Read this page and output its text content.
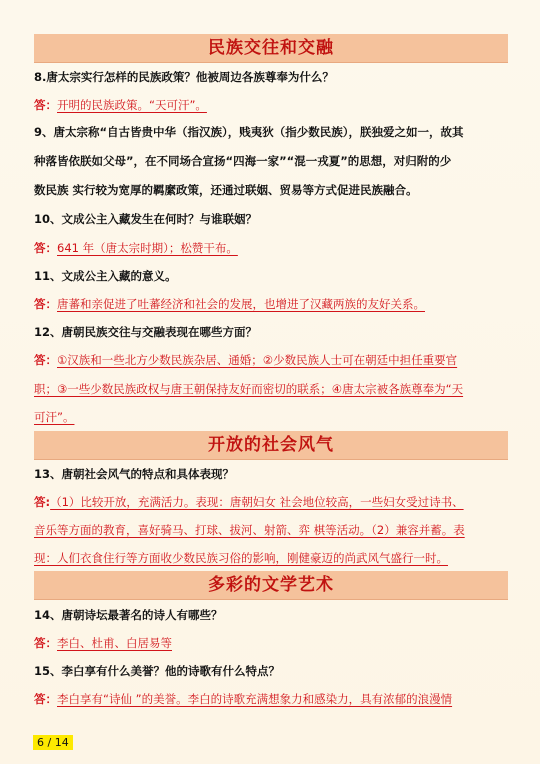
民族交往和交融
8.唐太宗实行怎样的民族政策？他被周边各族尊奉为什么？
答：开明的民族政策。“天可汗”。
9、唐太宗称“自古皆贵中华（指汉族），贱夷狄（指少数民族），朕独爱之如一，故其
种落皆依朕如父母”，在不同场合宣扬“四海一家”“混一戎夏”的思想，对归附的少
数民族 实行较为宽厚的羁縻政策，还通过联姻、贸易等方式促进民族融合。
10、文成公主入藏发生在何时？与谁联姻？
答：641 年（唐太宗时期）；松赞干布。
11、文成公主入藏的意义。
答：唐蕃和亲促进了吐蕃经济和社会的发展，也增进了汉藏两族的友好关系。
12、唐朝民族交往与交融表现在哪些方面？
答：①汉族和一些北方少数民族杂居、通婚；②少数民族人士可在朝廷中担任重要官
职；③一些少数民族政权与唐王朝保持友好而密切的联系；④唐太宗被各族尊奉为“天
可汗”。
开放的社会风气
13、唐朝社会风气的特点和具体表现？
答:（1）比较开放，充满活力。表现：唐朝妇女 社会地位较高，一些妇女受过诗书、
音乐等方面的教育，喜好骑马、打球、拔河、射箭、弈 棋等活动。（2）兼容并蓄。表
现：人们衣食住行等方面收少数民族习俗的影响，刚健豪迈的尚武风气盛行一时。
多彩的文学艺术
14、唐朝诗坛最著名的诗人有哪些？
答：李白、杜甫、白居易等
15、李白享有什么美誉？他的诗歌有什么特点？
答：李白享有“诗仙 ”的美誉。李白的诗歌充满想象力和感染力，具有浓郁的浪漫情
6 / 14
